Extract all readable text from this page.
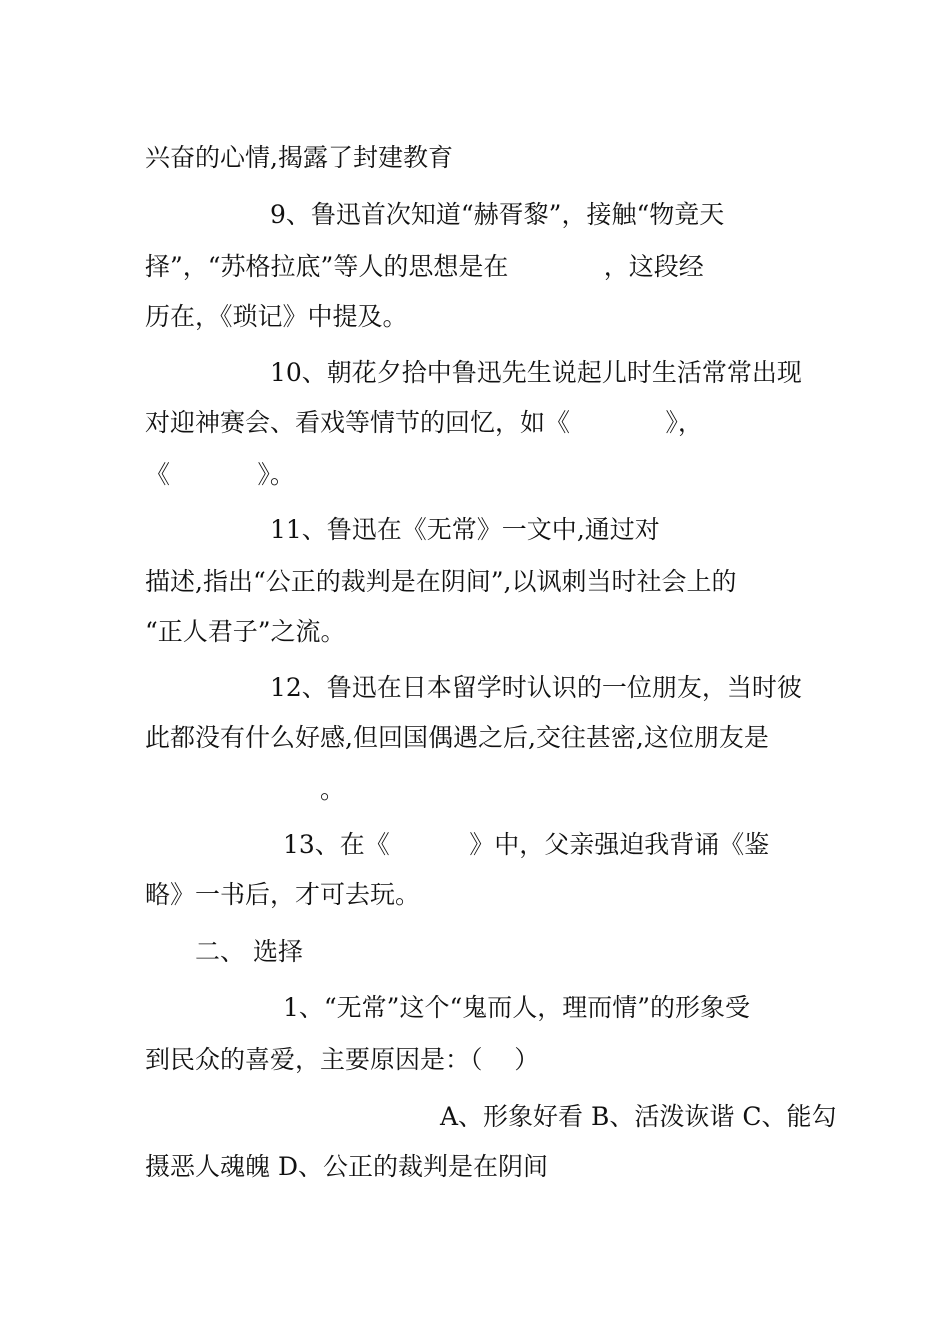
兴奋的心情,揭露了封建教育

9、鲁迅首次知道“赫胥黎”，接触“物竟天

择”，“苏格拉底”等人的思想是在            ，这段经

历在，《琐记》中提及。

10、朝花夕拾中鲁迅先生说起儿时生活常常出现

对迎神赛会、看戏等情节的回忆，如《            》，

《           》。

11、鲁迅在《无常》一文中,通过对

描述,指出“公正的裁判是在阴间”,以讽刺当时社会上的

“正人君子”之流。

12、鲁迅在日本留学时认识的一位朋友，当时彼

此都没有什么好感,但回国偶遇之后,交往甚密,这位朋友是

。

13、在《          》中，父亲强迫我背诵《鉴

略》一书后，才可去玩。

二、 选择

1、“无常”这个“鬼而人，理而情”的形象受

到民众的喜爱，主要原因是：（    ）

A、形象好看 B、活泼诙谐 C、能勾

摄恶人魂魄 D、公正的裁判是在阴间
